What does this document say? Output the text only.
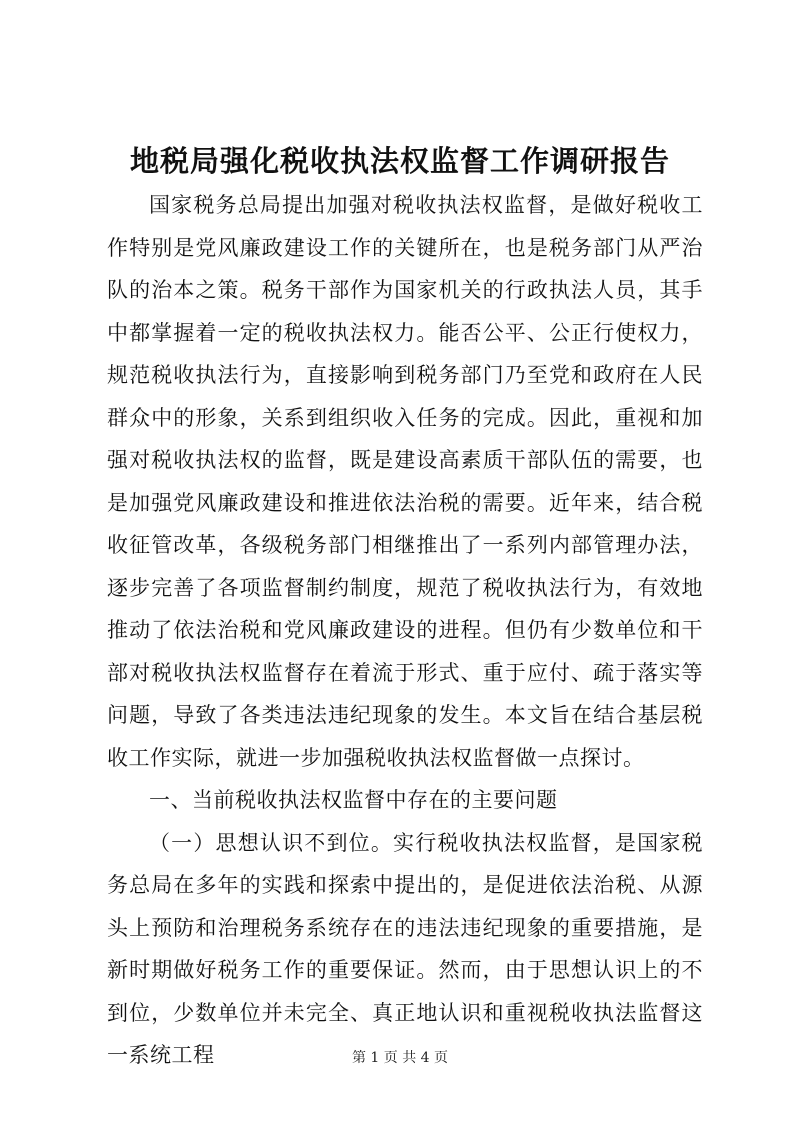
地税局强化税收执法权监督工作调研报告

国家税务总局提出加强对税收执法权监督，是做好税收工作特别是党风廉政建设工作的关键所在，也是税务部门从严治队的治本之策。税务干部作为国家机关的行政执法人员，其手中都掌握着一定的税收执法权力。能否公平、公正行使权力，规范税收执法行为，直接影响到税务部门乃至党和政府在人民群众中的形象，关系到组织收入任务的完成。因此，重视和加强对税收执法权的监督，既是建设高素质干部队伍的需要，也是加强党风廉政建设和推进依法治税的需要。近年来，结合税收征管改革，各级税务部门相继推出了一系列内部管理办法，逐步完善了各项监督制约制度，规范了税收执法行为，有效地推动了依法治税和党风廉政建设的进程。但仍有少数单位和干部对税收执法权监督存在着流于形式、重于应付、疏于落实等问题，导致了各类违法违纪现象的发生。本文旨在结合基层税收工作实际，就进一步加强税收执法权监督做一点探讨。

一、当前税收执法权监督中存在的主要问题

（一）思想认识不到位。实行税收执法权监督，是国家税务总局在多年的实践和探索中提出的，是促进依法治税、从源头上预防和治理税务系统存在的违法违纪现象的重要措施，是新时期做好税务工作的重要保证。然而，由于思想认识上的不到位，少数单位并未完全、真正地认识和重视税收执法监督这一系统工程	第 1 页 共 4 页
